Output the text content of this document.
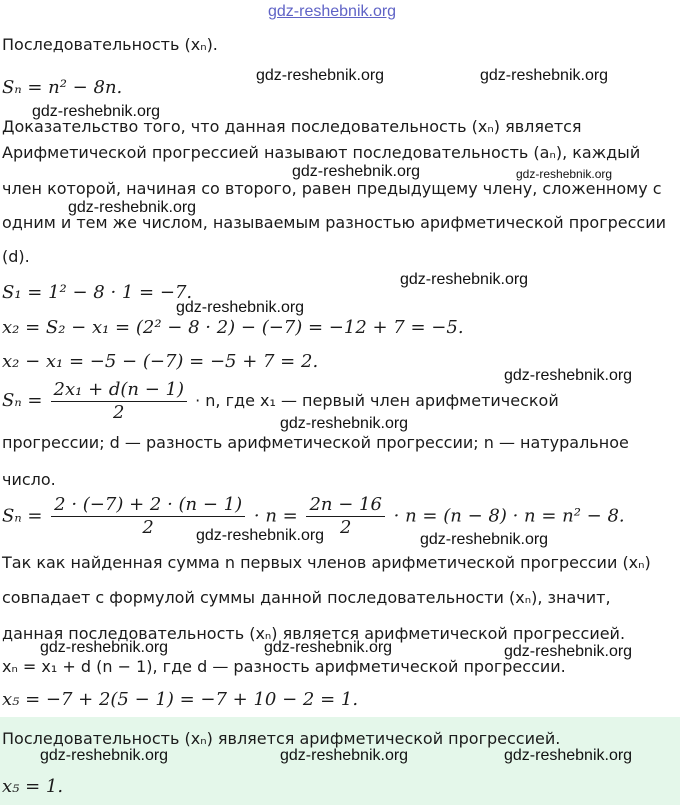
gdz-reshebnik.org
Последовательность (xₙ).
Sₙ = n² − 8n.
Доказательство того, что данная последовательность (xₙ) является
Арифметической прогрессией называют последовательность (aₙ), каждый
член которой, начиная со второго, равен предыдущему члену, сложенному с
одним и тем же числом, называемым разностью арифметической прогрессии
(d).
S₁ = 1² − 8 · 1 = −7.
x₂ = S₂ − x₁ = (2² − 8 · 2) − (−7) = −12 + 7 = −5.
x₂ − x₁ = −5 − (−7) = −5 + 7 = 2.
$S_n = \frac{\text{2x₁ + d(n − 1)}}{2} \cdot n$, где x₁ — первый член арифметической
прогрессии; d — разность арифметической прогрессии; n — натуральное
число.
$S_n = \frac{2 \cdot (-7) + 2 \cdot (n - 1)}{2} \cdot n = \frac{2n - 16}{2} \cdot n = (n - 8) \cdot n = n^2 - 8$.
Так как найденная сумма n первых членов арифметической прогрессии (xₙ)
совпадает с формулой суммы данной последовательности (xₙ), значит,
данная последовательность (xₙ) является арифметической прогрессией.
xₙ = x₁ + d (n − 1), где d — разность арифметической прогрессии.
x₅ = −7 + 2(5 − 1) = −7 + 10 − 2 = 1.
Последовательность (xₙ) является арифметической прогрессией.
x₅ = 1.
gdz-reshebnik.org	gdz-reshebnik.org
gdz-reshebnik.org
gdz-reshebnik.org	gdz-reshebnik.org
gdz-reshebnik.org
gdz-reshebnik.org
gdz-reshebnik.org
gdz-reshebnik.org
gdz-reshebnik.org
gdz-reshebnik.org	gdz-reshebnik.org
gdz-reshebnik.org	gdz-reshebnik.org	gdz-reshebnik.org
gdz-reshebnik.org	gdz-reshebnik.org	gdz-reshebnik.org
